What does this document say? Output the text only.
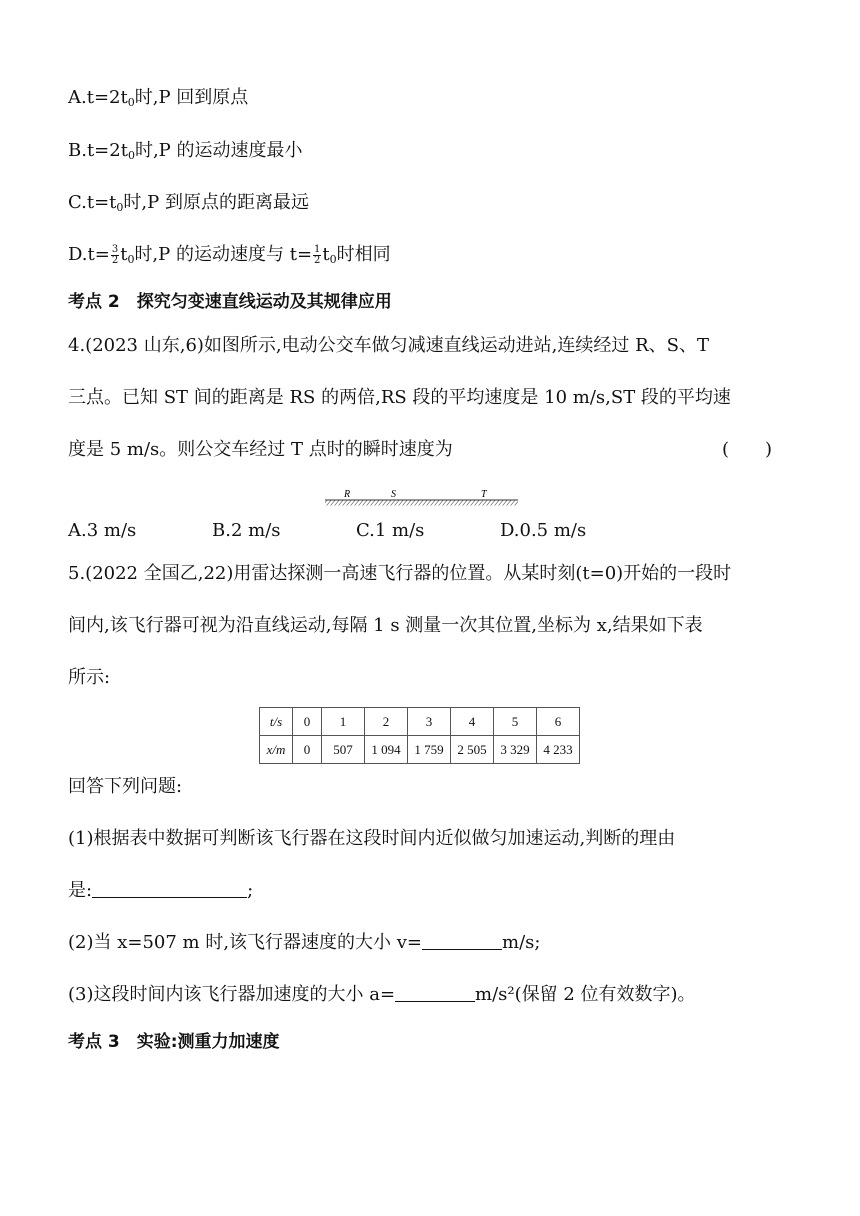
$A.t=2t_0$时,P 回到原点
$B.t=2t_0$时,P 的运动速度最小
$C.t=t_0$时,P 到原点的距离最远
$D.t= \frac{3}{2} t_0$时,P 的运动速度与 $t= \frac{1}{2} t_0$时相同
考点 2　探究匀变速直线运动及其规律应用
4.(2023 山东,6)如图所示,电动公交车做匀减速直线运动进站,连续经过 R、S、T
三点。已知 ST 间的距离是 RS 的两倍,RS 段的平均速度是 10 m/s,ST 段的平均速
度是 5 m/s。则公交车经过 T 点时的瞬时速度为	(　　)
R	S	T
A.3 m/s	B.2 m/s	C.1 m/s	D.0.5 m/s
5.(2022 全国乙,22)用雷达探测一高速飞行器的位置。从某时刻(t=0)开始的一段时
间内,该飞行器可视为沿直线运动,每隔 1 s 测量一次其位置,坐标为 x,结果如下表
所示:
t/s	0	1	2	3	4	5	6
x/m	0	507	1 094	1 759	2 505	3 329	4 233
回答下列问题:
(1)根据表中数据可判断该飞行器在这段时间内近似做匀加速运动,判断的理由
是:	;
(2)当 x=507 m 时,该飞行器速度的大小 v=	m/s;
(3)这段时间内该飞行器加速度的大小 a=	m/s²(保留 2 位有效数字)。
考点 3　实验:测重力加速度
